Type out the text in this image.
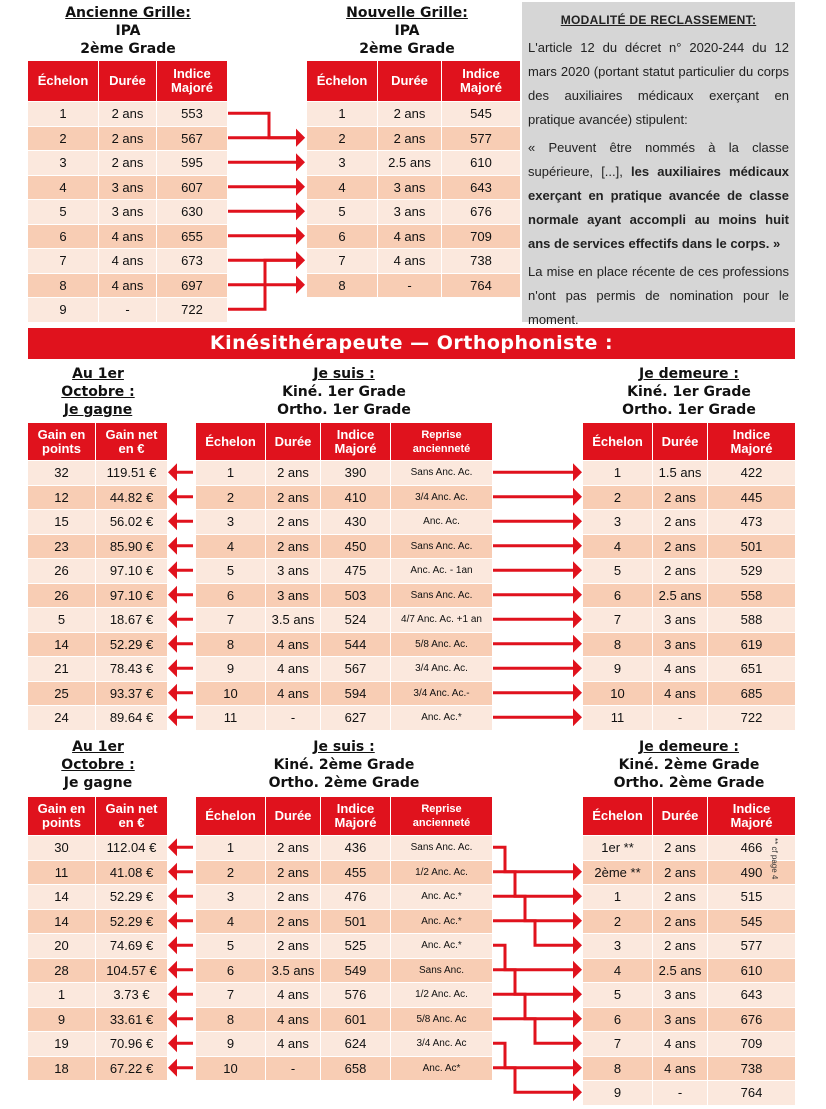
Ancienne Grille:
IPA
2ème Grade
Nouvelle Grille:
IPA
2ème Grade
Échelon	Durée	Indice Majoré
1	2 ans	553
2	2 ans	567
3	2 ans	595
4	3 ans	607
5	3 ans	630
6	4 ans	655
7	4 ans	673
8	4 ans	697
9	-	722
Échelon	Durée	Indice Majoré
1	2 ans	545
2	2 ans	577
3	2.5 ans	610
4	3 ans	643
5	3 ans	676
6	4 ans	709
7	4 ans	738
8	-	764
MODALITÉ DE RECLASSEMENT:

L'article 12 du décret n° 2020-244 du 12 mars 2020 (portant statut particulier du corps des auxiliaires médicaux exerçant en pratique avancée) stipulent:

« Peuvent être nommés à la classe supérieure, [...], les auxiliaires médicaux exerçant en pratique avancée de classe normale ayant accompli au moins huit ans de services effectifs dans le corps. »

La mise en place récente de ces professions n'ont pas permis de nomination pour le moment.

Kinésithérapeute — Orthophoniste :
Au 1er
Octobre :
Je gagne
Je suis :
Kiné. 1er Grade
Ortho. 1er Grade
Je demeure :
Kiné. 1er Grade
Ortho. 1er Grade
Gain en points	Gain net en €
32	119.51 €
12	44.82 €
15	56.02 €
23	85.90 €
26	97.10 €
26	97.10 €
5	18.67 €
14	52.29 €
21	78.43 €
25	93.37 €
24	89.64 €
Échelon	Durée	Indice Majoré	Reprise ancienneté
1	2 ans	390	Sans Anc. Ac.
2	2 ans	410	3/4 Anc. Ac.
3	2 ans	430	Anc. Ac.
4	2 ans	450	Sans Anc. Ac.
5	3 ans	475	Anc. Ac. - 1an
6	3 ans	503	Sans Anc. Ac.
7	3.5 ans	524	4/7 Anc. Ac. +1 an
8	4 ans	544	5/8 Anc. Ac.
9	4 ans	567	3/4 Anc. Ac.
10	4 ans	594	3/4 Anc. Ac.-
11	-	627	Anc. Ac.*
Échelon	Durée	Indice Majoré
1	1.5 ans	422
2	2 ans	445
3	2 ans	473
4	2 ans	501
5	2 ans	529
6	2.5 ans	558
7	3 ans	588
8	3 ans	619
9	4 ans	651
10	4 ans	685
11	-	722
Au 1er
Octobre :
Je gagne
Je suis :
Kiné. 2ème Grade
Ortho. 2ème Grade
Je demeure :
Kiné. 2ème Grade
Ortho. 2ème Grade
Gain en points	Gain net en €
30	112.04 €
11	41.08 €
14	52.29 €
14	52.29 €
20	74.69 €
28	104.57 €
1	3.73 €
9	33.61 €
19	70.96 €
18	67.22 €
Échelon	Durée	Indice Majoré	Reprise ancienneté
1	2 ans	436	Sans Anc. Ac.
2	2 ans	455	1/2 Anc. Ac.
3	2 ans	476	Anc. Ac.*
4	2 ans	501	Anc. Ac.*
5	2 ans	525	Anc. Ac.*
6	3.5 ans	549	Sans Anc.
7	4 ans	576	1/2 Anc. Ac.
8	4 ans	601	5/8 Anc. Ac
9	4 ans	624	3/4 Anc. Ac
10	-	658	Anc. Ac*
Échelon	Durée	Indice Majoré
1er **	2 ans	466
2ème **	2 ans	490
1	2 ans	515
2	2 ans	545
3	2 ans	577
4	2.5 ans	610
5	3 ans	643
6	3 ans	676
7	4 ans	709
8	4 ans	738
9	-	764
** cf page 4
